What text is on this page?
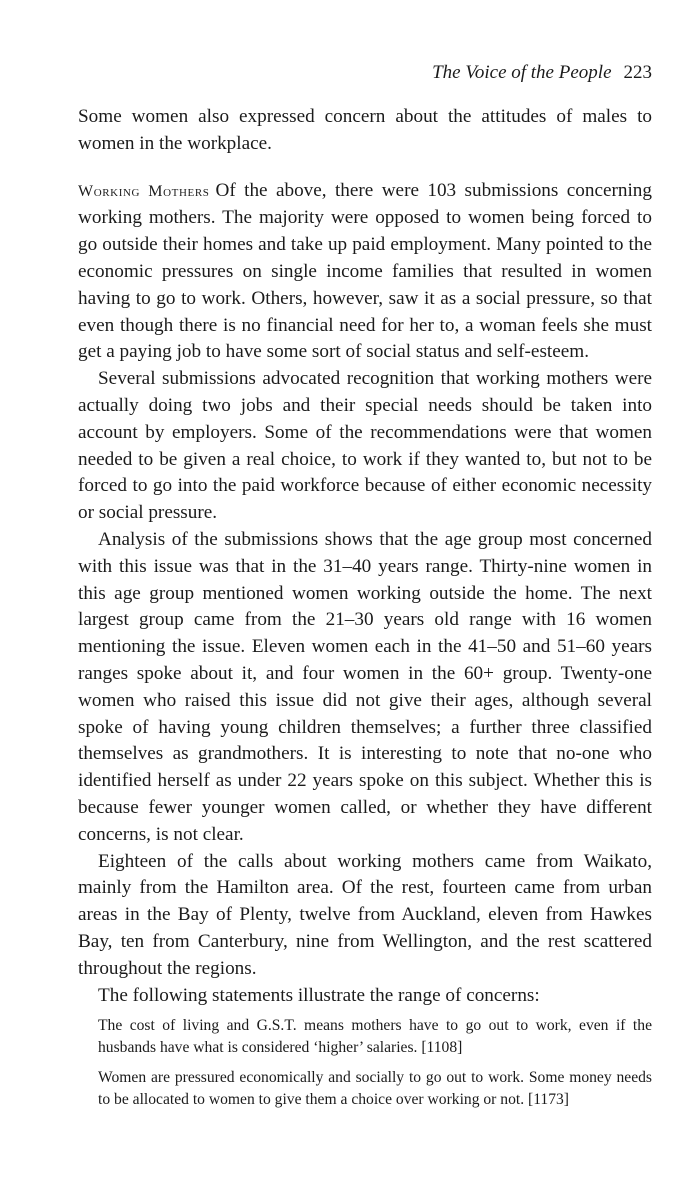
The Voice of the People 223

Some women also expressed concern about the attitudes of males to women in the workplace.

Working Mothers Of the above, there were 103 submissions concerning working mothers. The majority were opposed to women being forced to go outside their homes and take up paid employment. Many pointed to the economic pressures on single income families that resulted in women having to go to work. Others, however, saw it as a social pressure, so that even though there is no financial need for her to, a woman feels she must get a paying job to have some sort of social status and self-esteem.

Several submissions advocated recognition that working mothers were actually doing two jobs and their special needs should be taken into account by employers. Some of the recommendations were that women needed to be given a real choice, to work if they wanted to, but not to be forced to go into the paid workforce because of either economic necessity or social pressure.

Analysis of the submissions shows that the age group most concerned with this issue was that in the 31–40 years range. Thirty-nine women in this age group mentioned women working outside the home. The next largest group came from the 21–30 years old range with 16 women mentioning the issue. Eleven women each in the 41–50 and 51–60 years ranges spoke about it, and four women in the 60+ group. Twenty-one women who raised this issue did not give their ages, although several spoke of having young children themselves; a further three classified themselves as grandmothers. It is interesting to note that no-one who identified herself as under 22 years spoke on this subject. Whether this is because fewer younger women called, or whether they have different concerns, is not clear.

Eighteen of the calls about working mothers came from Waikato, mainly from the Hamilton area. Of the rest, fourteen came from urban areas in the Bay of Plenty, twelve from Auckland, eleven from Hawkes Bay, ten from Canterbury, nine from Wellington, and the rest scattered throughout the regions.

The following statements illustrate the range of concerns:

The cost of living and G.S.T. means mothers have to go out to work, even if the husbands have what is considered ‘higher’ salaries. [1108]
Women are pressured economically and socially to go out to work. Some money needs to be allocated to women to give them a choice over working or not. [1173]
